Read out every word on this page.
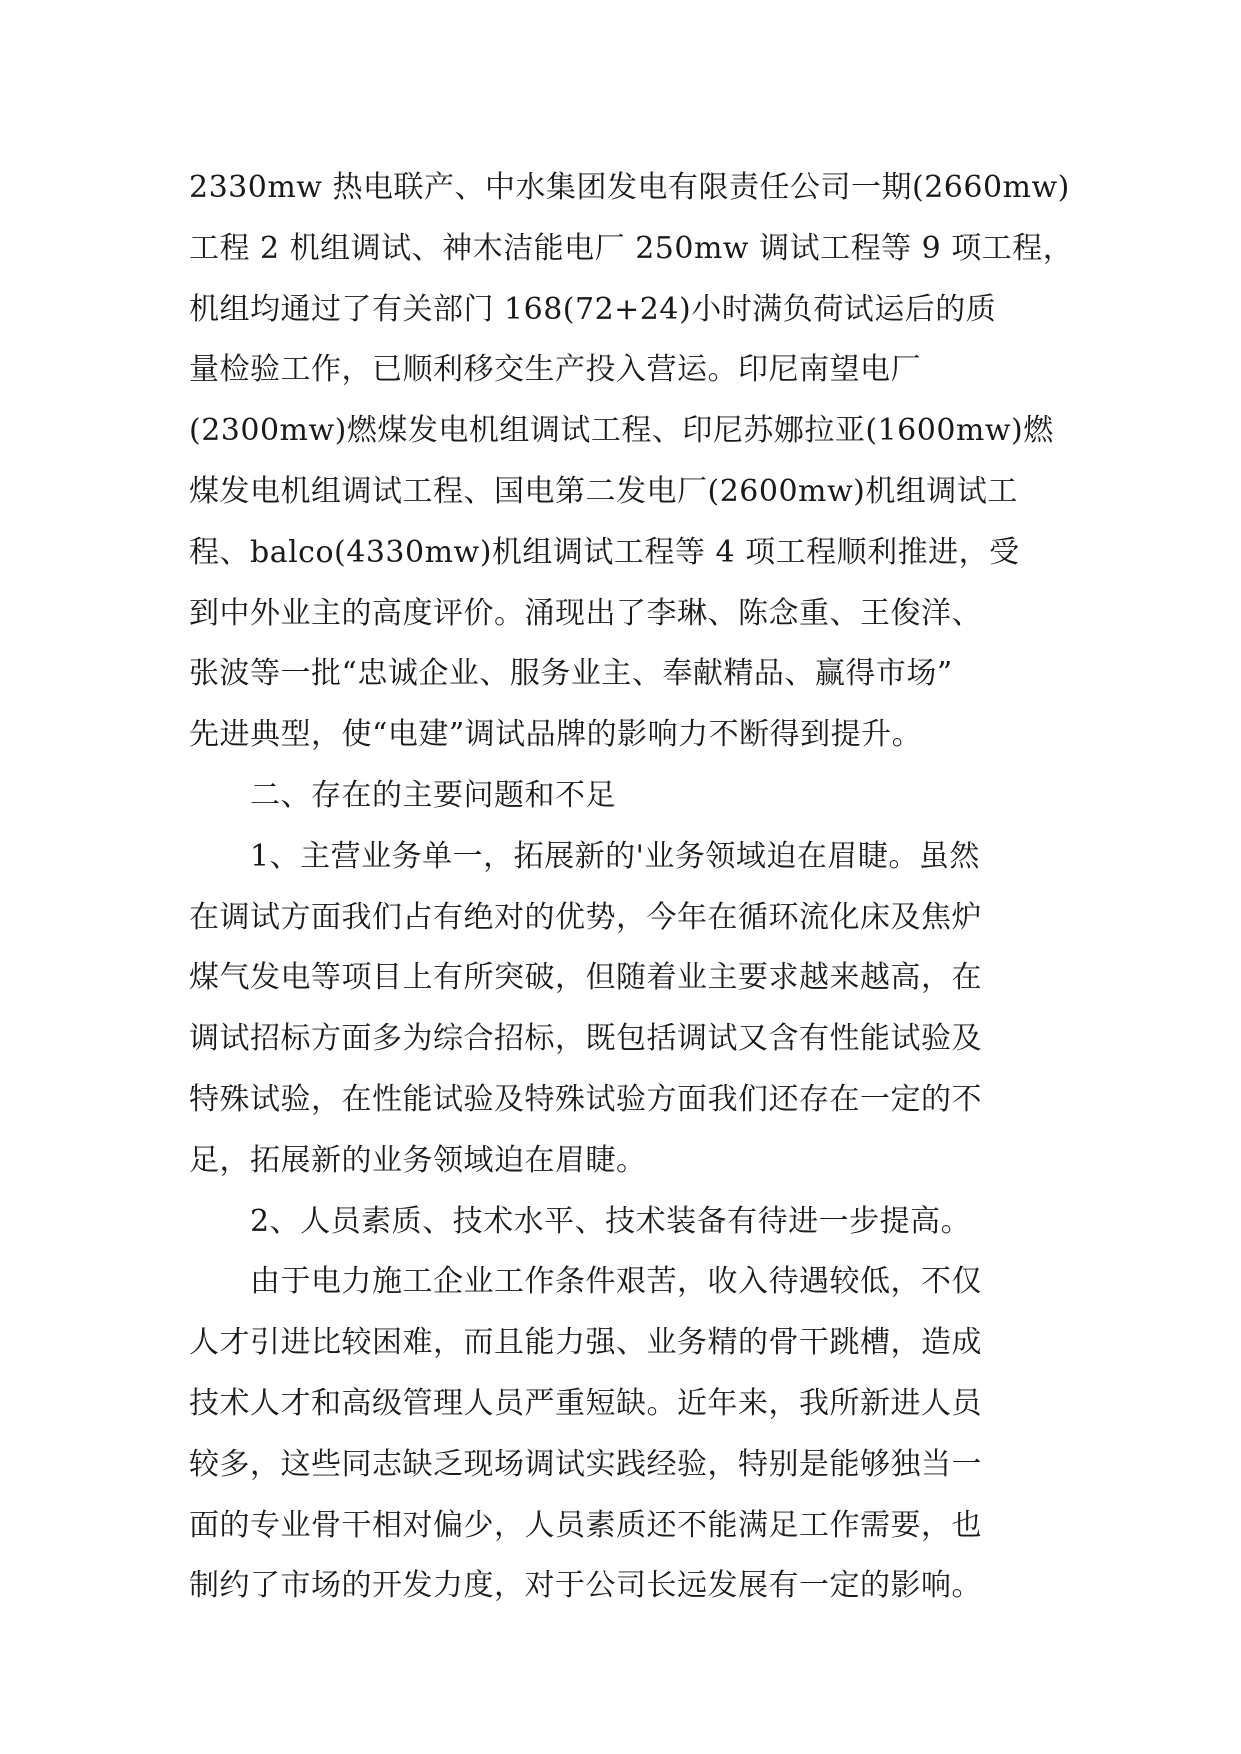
2330mw 热电联产、中水集团发电有限责任公司一期(2660mw)
工程 2 机组调试、神木洁能电厂 250mw 调试工程等 9 项工程，
机组均通过了有关部门 168(72+24)小时满负荷试运后的质
量检验工作，已顺利移交生产投入营运。印尼南望电厂
(2300mw)燃煤发电机组调试工程、印尼苏娜拉亚(1600mw)燃
煤发电机组调试工程、国电第二发电厂(2600mw)机组调试工
程、balco(4330mw)机组调试工程等 4 项工程顺利推进，受
到中外业主的高度评价。涌现出了李琳、陈念重、王俊洋、
张波等一批“忠诚企业、服务业主、奉献精品、赢得市场”
先进典型，使“电建”调试品牌的影响力不断得到提升。
　　二、存在的主要问题和不足
　　1、主营业务单一，拓展新的'业务领域迫在眉睫。虽然
在调试方面我们占有绝对的优势，今年在循环流化床及焦炉
煤气发电等项目上有所突破，但随着业主要求越来越高，在
调试招标方面多为综合招标，既包括调试又含有性能试验及
特殊试验，在性能试验及特殊试验方面我们还存在一定的不
足，拓展新的业务领域迫在眉睫。
　　2、人员素质、技术水平、技术装备有待进一步提高。
　　由于电力施工企业工作条件艰苦，收入待遇较低，不仅
人才引进比较困难，而且能力强、业务精的骨干跳槽，造成
技术人才和高级管理人员严重短缺。近年来，我所新进人员
较多，这些同志缺乏现场调试实践经验，特别是能够独当一
面的专业骨干相对偏少，人员素质还不能满足工作需要，也
制约了市场的开发力度，对于公司长远发展有一定的影响。
